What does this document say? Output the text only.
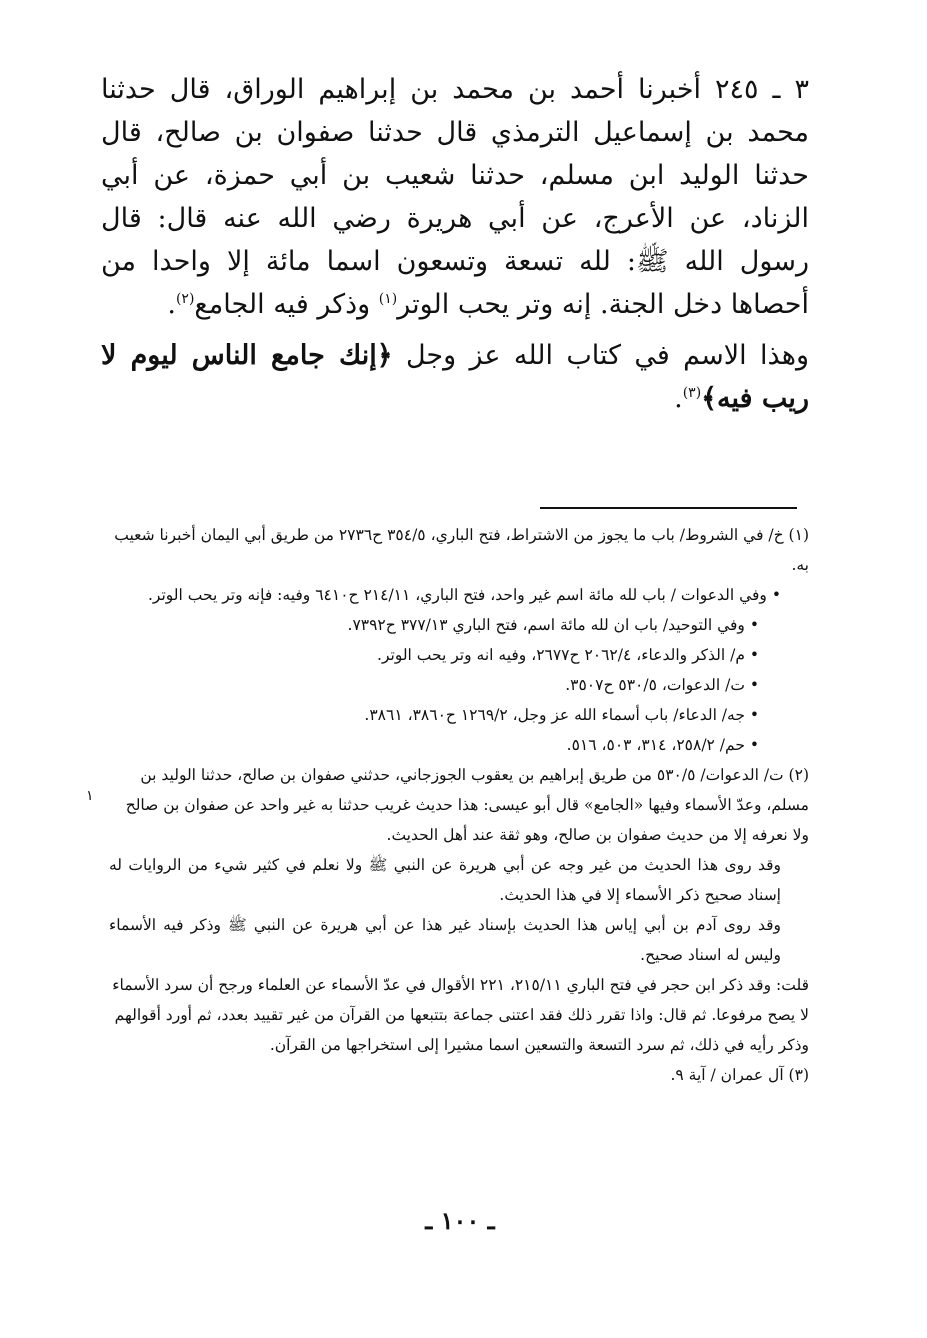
٣ ـ ٢٤٥ أخبرنا أحمد بن محمد بن إبراهيم الوراق، قال حدثنا محمد بن إسماعيل الترمذي قال حدثنا صفوان بن صالح، قال حدثنا الوليد ابن مسلم، حدثنا شعيب بن أبي حمزة، عن أبي الزناد، عن الأعرج، عن أبي هريرة رضي الله عنه قال: قال رسول الله ﷺ: لله تسعة وتسعون اسما مائة إلا واحدا من أحصاها دخل الجنة. إنه وتر يحب الوتر$^{(١)}$ وذكر فيه الجامع$^{(٢)}$.

وهذا الاسم في كتاب الله عز وجل ﴿إنك جامع الناس ليوم لا ريب فيه﴾$^{(٣)}$.

(١) خ/ في الشروط/ باب ما يجوز من الاشتراط، فتح الباري، ٣٥٤/٥ ح٢٧٣٦ من طريق أبي اليمان أخبرنا شعيب به.

• وفي الدعوات / باب لله مائة اسم غير واحد، فتح الباري، ٢١٤/١١ ح٦٤١٠ وفيه: فإنه وتر يحب الوتر.

• وفي التوحيد/ باب ان لله مائة اسم، فتح الباري ٣٧٧/١٣ ح٧٣٩٢.

• م/ الذكر والدعاء، ٢٠٦٢/٤ ح٢٦٧٧، وفيه انه وتر يحب الوتر.

• ت/ الدعوات، ٥٣٠/٥ ح٣٥٠٧.

• جه/ الدعاء/ باب أسماء الله عز وجل، ١٢٦٩/٢ ح٣٨٦٠، ٣٨٦١.

• حم/ ٢٥٨/٢، ٣١٤، ٥٠٣، ٥١٦.

(٢) ت/ الدعوات/ ٥٣٠/٥ من طريق إبراهيم بن يعقوب الجوزجاني، حدثني صفوان بن صالح، حدثنا الوليد بن مسلم، وعدّ الأسماء وفيها «الجامع» قال أبو عيسى: هذا حديث غريب حدثنا به غير واحد عن صفوان بن صالح ولا نعرفه إلا من حديث صفوان بن صالح، وهو ثقة عند أهل الحديث.

وقد روى هذا الحديث من غير وجه عن أبي هريرة عن النبي ﷺ ولا نعلم في كثير شيء من الروايات له إسناد صحيح ذكر الأسماء إلا في هذا الحديث.

وقد روى آدم بن أبي إياس هذا الحديث بإسناد غير هذا عن أبي هريرة عن النبي ﷺ وذكر فيه الأسماء وليس له اسناد صحيح.

قلت: وقد ذكر ابن حجر في فتح الباري ٢١٥/١١، ٢٢١ الأقوال في عدّ الأسماء عن العلماء ورجح أن سرد الأسماء لا يصح مرفوعا. ثم قال: واذا تقرر ذلك فقد اعتنى جماعة بتتبعها من القرآن من غير تقييد بعدد، ثم أورد أقوالهم وذكر رأيه في ذلك، ثم سرد التسعة والتسعين اسما مشيرا إلى استخراجها من القرآن.

(٣) آل عمران / آية ٩.

١
ـ ١٠٠ ـ
